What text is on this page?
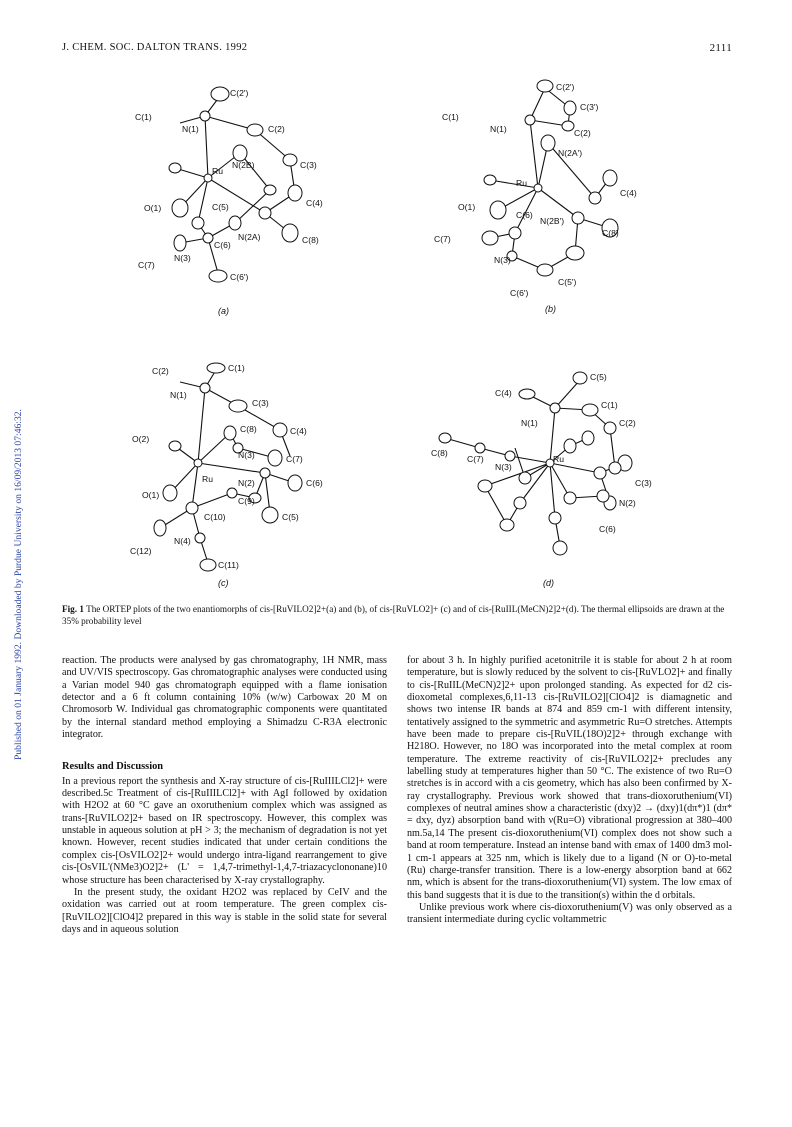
J. CHEM. SOC. DALTON TRANS. 1992	2111
Published on 01 January 1992. Downloaded by Purdue University on 16/09/2013 07:46:32.
C(2')
C(1)
N(1)	C(2)
N(2B)
Ru
C(3)
O(1)	C(5)	C(4)
N(2A)	C(8)
C(6)
C(7)
N(3)
C(6')
(a)
C(2')
C(3')
C(1)
N(1)	C(2)
N(2A')
Ru
C(4)
O(1)
C(6)
N(2B')
C(8)
C(7)
N(3)
C(5')
C(6')
(b)
C(1)
C(2)
N(1)
C(3)
C(8)	C(4)
O(2)
N(3)	C(7)
Ru	N(2)	C(6)
O(1)
C(9)
C(10)	C(5)
N(4)
C(12)
C(11)
(c)
C(5)
C(4)
C(1)
N(1)	C(2)
C(8)
C(7)
N(3)
Ru
C(3)
N(2)
C(6)
(d)
Fig. 1 The ORTEP plots of the two enantiomorphs of cis-[RuVILO2]2+(a) and (b), of cis-[RuVLO2]+ (c) and of cis-[RuIIL(MeCN)2]2+(d). The thermal ellipsoids are drawn at the 35% probability level

reaction. The products were analysed by gas chromatography, 1H NMR, mass and UV/VIS spectroscopy. Gas chromatographic analyses were conducted using a Varian model 940 gas chromatograph equipped with a flame ionisation detector and a 6 ft column containing 10% (w/w) Carbowax 20 M on Chromosorb W. Individual gas chromatographic components were quantitated by the internal standard method employing a Shimadzu C-R3A electronic integrator.

Results and Discussion

In a previous report the synthesis and X-ray structure of cis-[RuIIILCl2]+ were described.5c Treatment of cis-[RuIIILCl2]+ with AgI followed by oxidation with H2O2 at 60 °C gave an oxoruthenium complex which was assigned as trans-[RuVILO2]2+ based on IR spectroscopy. However, this complex was unstable in aqueous solution at pH > 3; the mechanism of degradation is not yet known. However, recent studies indicated that under certain conditions the complex cis-[OsVILO2]2+ would undergo intra-ligand rearrangement to give cis-[OsVIL'(NMe3)O2]2+ (L' = 1,4,7-trimethyl-1,4,7-triazacyclononane)10 whose structure has been characterised by X-ray crystallography.

In the present study, the oxidant H2O2 was replaced by CeIV and the oxidation was carried out at room temperature. The green complex cis-[RuVILO2][ClO4]2 prepared in this way is stable in the solid state for several days and in aqueous solution

for about 3 h. In highly purified acetonitrile it is stable for about 2 h at room temperature, but is slowly reduced by the solvent to cis-[RuVLO2]+ and finally to cis-[RuIIL(MeCN)2]2+ upon prolonged standing. As expected for d2 cis-dioxometal complexes,6,11-13 cis-[RuVILO2][ClO4]2 is diamagnetic and shows two intense IR bands at 874 and 859 cm-1 with different intensity, tentatively assigned to the symmetric and asymmetric Ru=O stretches. Attempts have been made to prepare cis-[RuVIL(18O)2]2+ through exchange with H218O. However, no 18O was incorporated into the metal complex at room temperature. The extreme reactivity of cis-[RuVILO2]2+ precludes any labelling study at temperatures higher than 50 °C. The existence of two Ru=O stretches is in accord with a cis geometry, which has also been confirmed by X-ray crystallography. Previous work showed that trans-dioxoruthenium(VI) complexes of neutral amines show a characteristic (dxy)2 → (dxy)1(dπ*)1 (dπ* = dxy, dyz) absorption band with ν(Ru=O) vibrational progression at 380–400 nm.5a,14 The present cis-dioxoruthenium(VI) complex does not show such a band at room temperature. Instead an intense band with εmax of 1400 dm3 mol-1 cm-1 appears at 325 nm, which is likely due to a ligand (N or O)-to-metal (Ru) charge-transfer transition. There is a low-energy absorption band at 662 nm, which is absent for the trans-dioxoruthenium(VI) system. The low εmax of this band suggests that it is due to the transition(s) within the d orbitals.

Unlike previous work where cis-dioxoruthenium(V) was only observed as a transient intermediate during cyclic voltammetric
